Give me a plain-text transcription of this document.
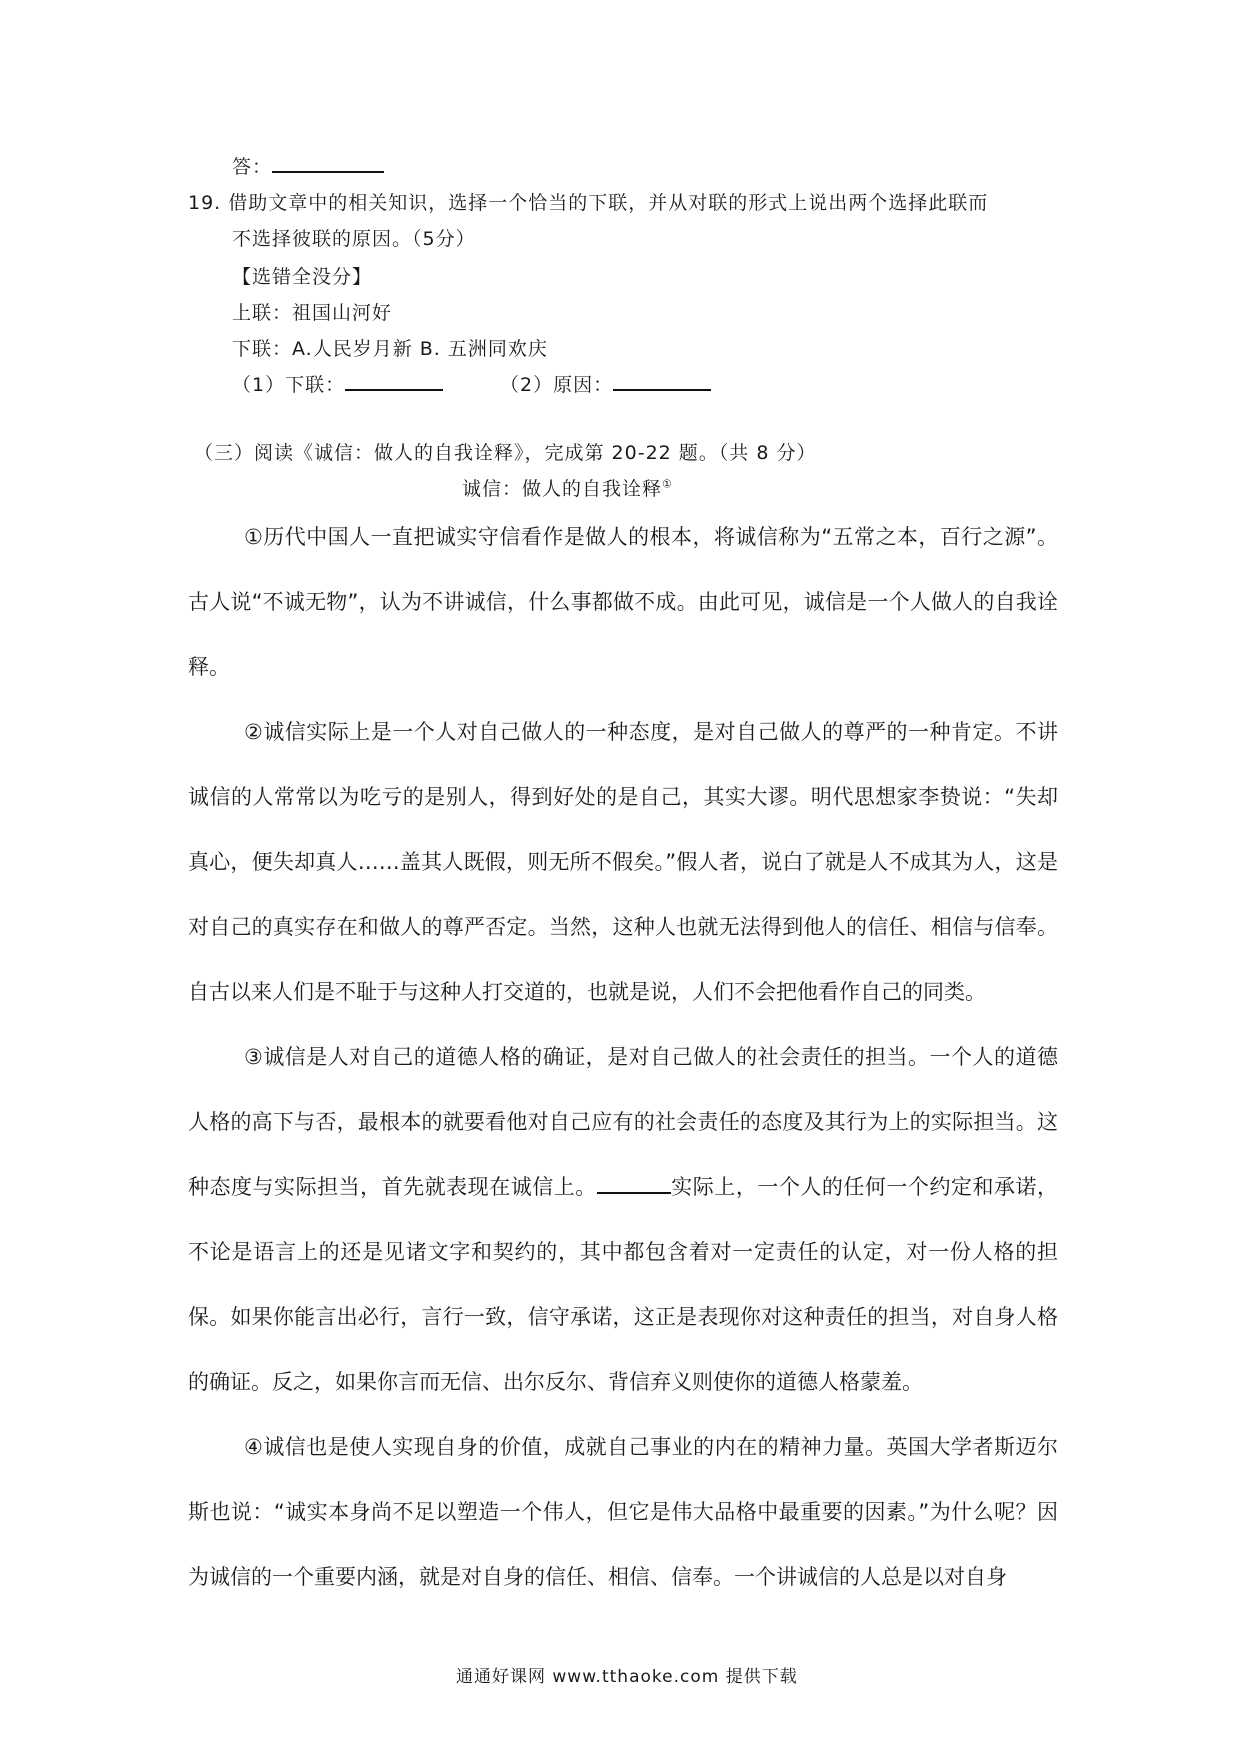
答：
19. 借助文章中的相关知识，选择一个恰当的下联，并从对联的形式上说出两个选择此联而
不选择彼联的原因。（5分）
【选错全没分】
上联：祖国山河好
下联：A.人民岁月新 B. 五洲同欢庆
（1）下联：	（2）原因：
（三）阅读《诚信：做人的自我诠释》，完成第 20-22 题。（共 8 分）
诚信：做人的自我诠释①

①历代中国人一直把诚实守信看作是做人的根本，将诚信称为“五常之本，百行之源”。古人说“不诚无物”，认为不讲诚信，什么事都做不成。由此可见，诚信是一个人做人的自我诠释。

②诚信实际上是一个人对自己做人的一种态度，是对自己做人的尊严的一种肯定。不讲诚信的人常常以为吃亏的是别人，得到好处的是自己，其实大谬。明代思想家李贽说：“失却真心，便失却真人……盖其人既假，则无所不假矣。”假人者，说白了就是人不成其为人，这是对自己的真实存在和做人的尊严否定。当然，这种人也就无法得到他人的信任、相信与信奉。自古以来人们是不耻于与这种人打交道的，也就是说，人们不会把他看作自己的同类。

③诚信是人对自己的道德人格的确证，是对自己做人的社会责任的担当。一个人的道德人格的高下与否，最根本的就要看他对自己应有的社会责任的态度及其行为上的实际担当。这种态度与实际担当，首先就表现在诚信上。	实际上，一个人的任何一个约定和承诺，不论是语言上的还是见诸文字和契约的，其中都包含着对一定责任的认定，对一份人格的担保。如果你能言出必行，言行一致，信守承诺，这正是表现你对这种责任的担当，对自身人格的确证。反之，如果你言而无信、出尔反尔、背信弃义则使你的道德人格蒙羞。

④诚信也是使人实现自身的价值，成就自己事业的内在的精神力量。英国大学者斯迈尔斯也说：“诚实本身尚不足以塑造一个伟人，但它是伟大品格中最重要的因素。”为什么呢？因为诚信的一个重要内涵，就是对自身的信任、相信、信奉。一个讲诚信的人总是以对自身

通通好课网 www.tthaoke.com 提供下载
